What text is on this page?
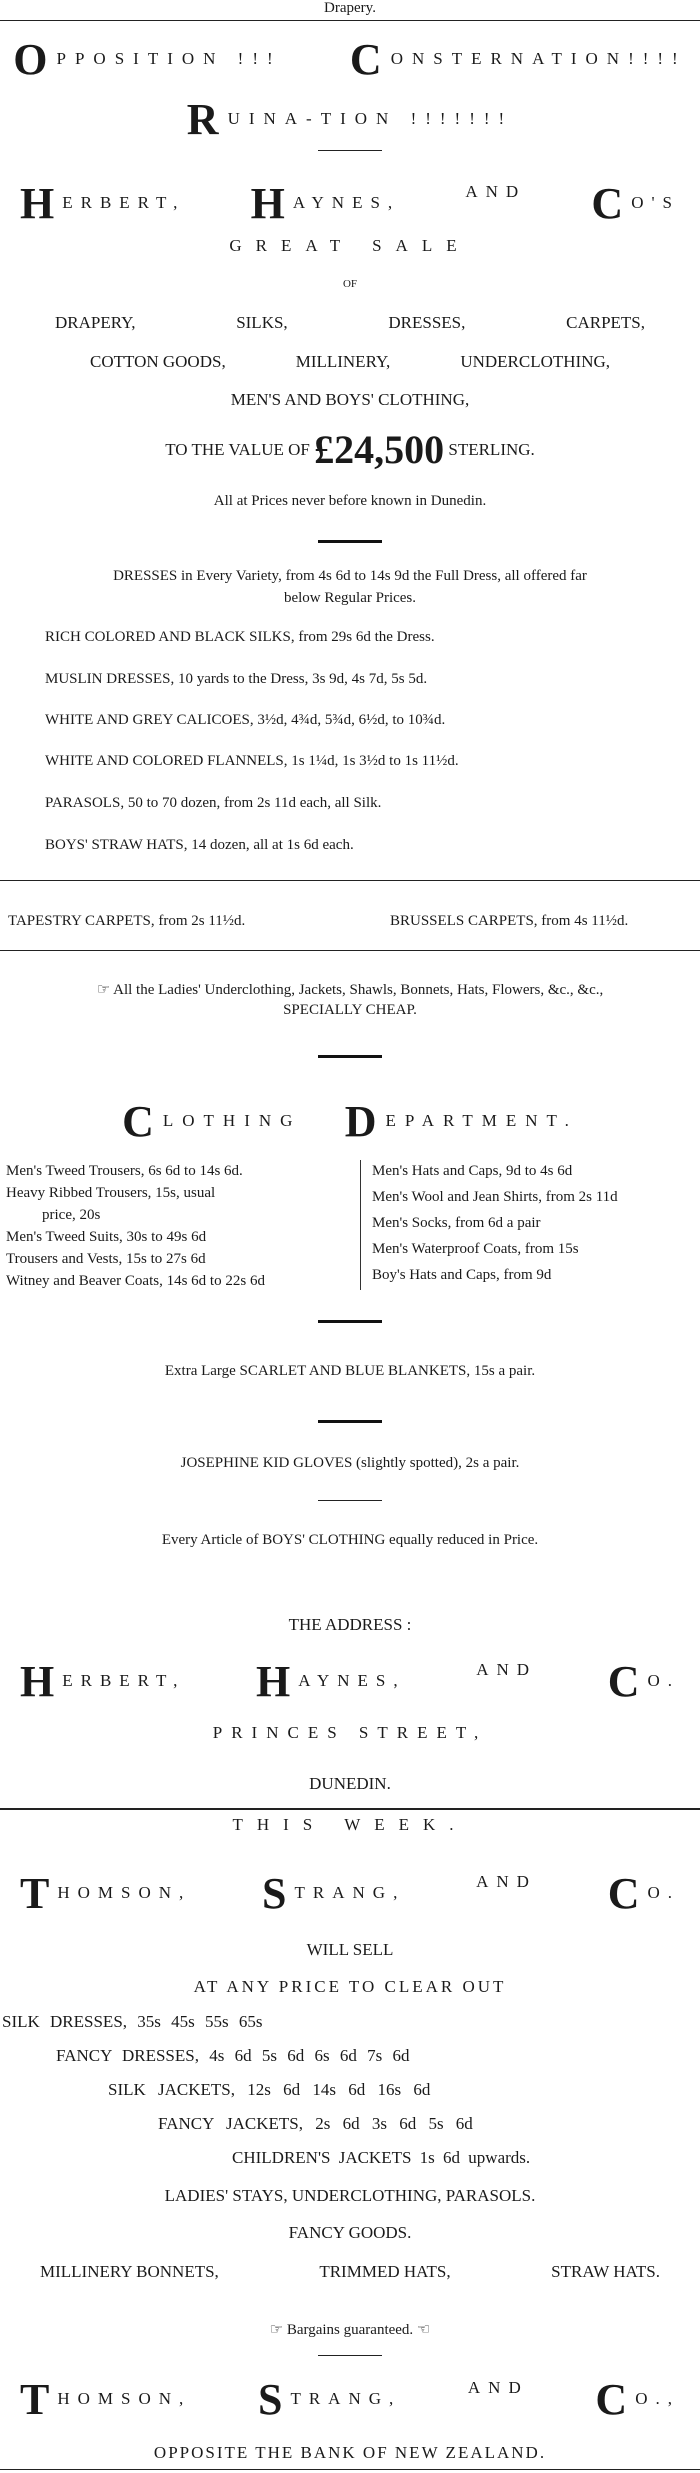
Drapery.
OPPOSITION !!! CONSTERNATION!!!!
RUINA-TION !!!!!!!
HERBERT, HAYNES,
AND CO'S
GREAT SALE
OF
DRAPERY,	SILKS,	DRESSES,	CARPETS,
COTTON GOODS,	MILLINERY,	UNDERCLOTHING,
MEN'S AND BOYS' CLOTHING,
TO THE VALUE OF £24,500 STERLING.
All at Prices never before known in Dunedin.
DRESSES in Every Variety, from 4s 6d to 14s 9d the Full Dress, all offered far
below Regular Prices.
RICH COLORED AND BLACK SILKS, from 29s 6d the Dress.
MUSLIN DRESSES, 10 yards to the Dress, 3s 9d, 4s 7d, 5s 5d.
WHITE AND GREY CALICOES, 3½d, 4¾d, 5¾d, 6½d, to 10¾d.
WHITE AND COLORED FLANNELS, 1s 1¼d, 1s 3½d to 1s 11½d.
PARASOLS, 50 to 70 dozen, from 2s 11d each, all Silk.
BOYS' STRAW HATS, 14 dozen, all at 1s 6d each.
TAPESTRY CARPETS, from 2s 11½d.	BRUSSELS CARPETS, from 4s 11½d.
☞ All the Ladies' Underclothing, Jackets, Shawls, Bonnets, Hats, Flowers, &c., &c.,
SPECIALLY CHEAP.
CLOTHING DEPARTMENT.
Men's Tweed Trousers, 6s 6d to 14s 6d.
Heavy Ribbed Trousers, 15s, usual
price, 20s
Men's Tweed Suits, 30s to 49s 6d
Trousers and Vests, 15s to 27s 6d
Witney and Beaver Coats, 14s 6d to 22s 6d
Men's Hats and Caps, 9d to 4s 6d
Men's Wool and Jean Shirts, from 2s 11d
Men's Socks, from 6d a pair
Men's Waterproof Coats, from 15s
Boy's Hats and Caps, from 9d
Extra Large SCARLET AND BLUE BLANKETS, 15s a pair.
JOSEPHINE KID GLOVES (slightly spotted), 2s a pair.
Every Article of BOYS' CLOTHING equally reduced in Price.
THE ADDRESS :
HERBERT, HAYNES,
AND CO.
PRINCES STREET,
DUNEDIN.
THIS WEEK.
THOMSON, STRANG,
AND CO.
WILL SELL
AT ANY PRICE TO CLEAR OUT
SILK DRESSES, 35s 45s 55s 65s
FANCY DRESSES, 4s 6d 5s 6d 6s 6d 7s 6d
SILK JACKETS, 12s 6d 14s 6d 16s 6d
FANCY JACKETS, 2s 6d 3s 6d 5s 6d
CHILDREN'S JACKETS 1s 6d upwards.
LADIES' STAYS, UNDERCLOTHING, PARASOLS.
FANCY GOODS.
MILLINERY BONNETS,	TRIMMED HATS,	STRAW HATS.
☞ Bargains guaranteed. ☜
THOMSON, STRANG,
AND CO.,
OPPOSITE THE BANK OF NEW ZEALAND.
